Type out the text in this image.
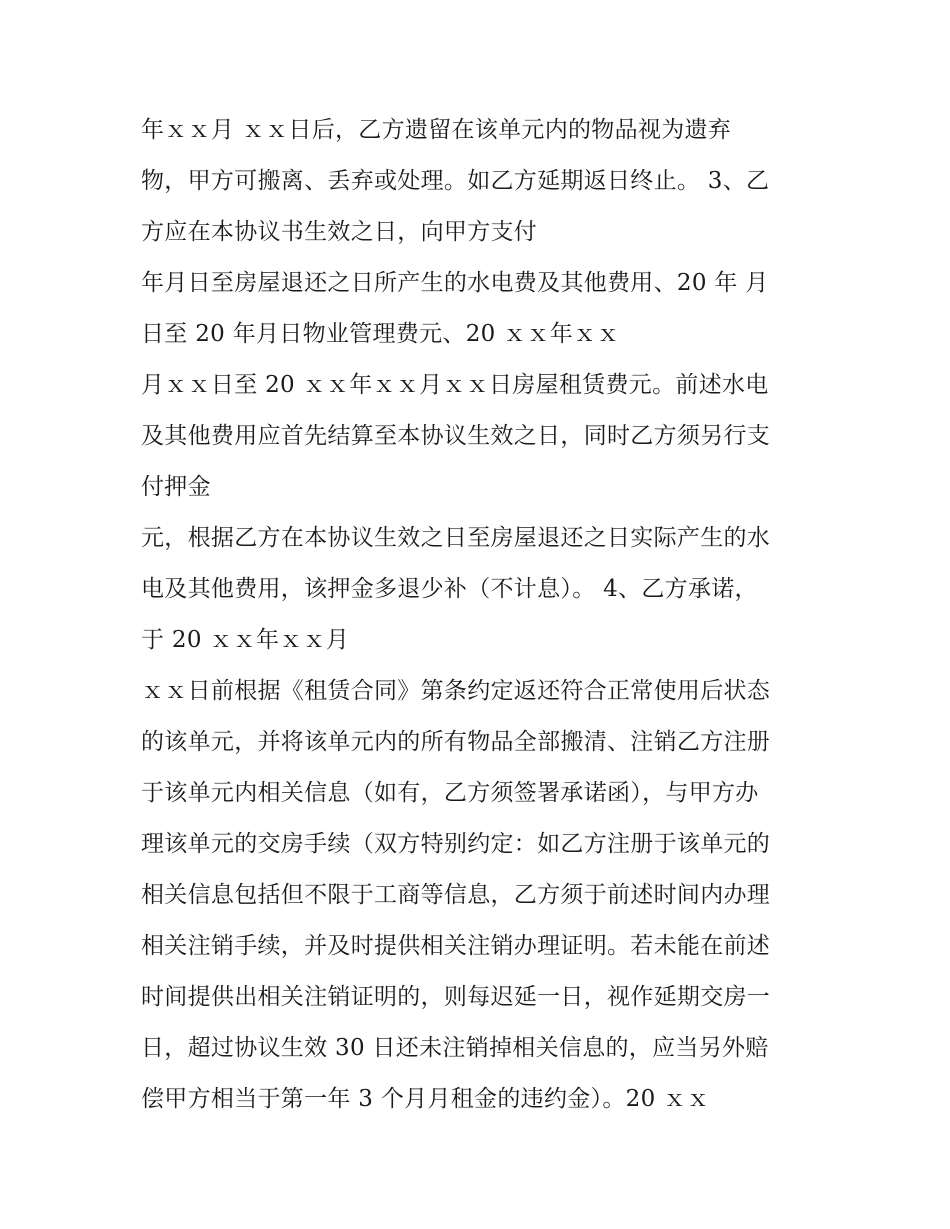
年ｘｘ月 ｘｘ日后，乙方遗留在该单元内的物品视为遗弃
物，甲方可搬离、丢弃或处理。如乙方延期返日终止。 3、乙
方应在本协议书生效之日，向甲方支付
年月日至房屋退还之日所产生的水电费及其他费用、20 年 月
日至 20 年月日物业管理费元、20 ｘｘ年ｘｘ
月ｘｘ日至 20 ｘｘ年ｘｘ月ｘｘ日房屋租赁费元。前述水电
及其他费用应首先结算至本协议生效之日，同时乙方须另行支
付押金
元，根据乙方在本协议生效之日至房屋退还之日实际产生的水
电及其他费用，该押金多退少补（不计息）。 4、乙方承诺，
于 20 ｘｘ年ｘｘ月
ｘｘ日前根据《租赁合同》第条约定返还符合正常使用后状态
的该单元，并将该单元内的所有物品全部搬清、注销乙方注册
于该单元内相关信息（如有，乙方须签署承诺函），与甲方办
理该单元的交房手续（双方特别约定：如乙方注册于该单元的
相关信息包括但不限于工商等信息，乙方须于前述时间内办理
相关注销手续，并及时提供相关注销办理证明。若未能在前述
时间提供出相关注销证明的，则每迟延一日，视作延期交房一
日，超过协议生效 30 日还未注销掉相关信息的，应当另外赔
偿甲方相当于第一年 3 个月月租金的违约金）。20 ｘｘ
